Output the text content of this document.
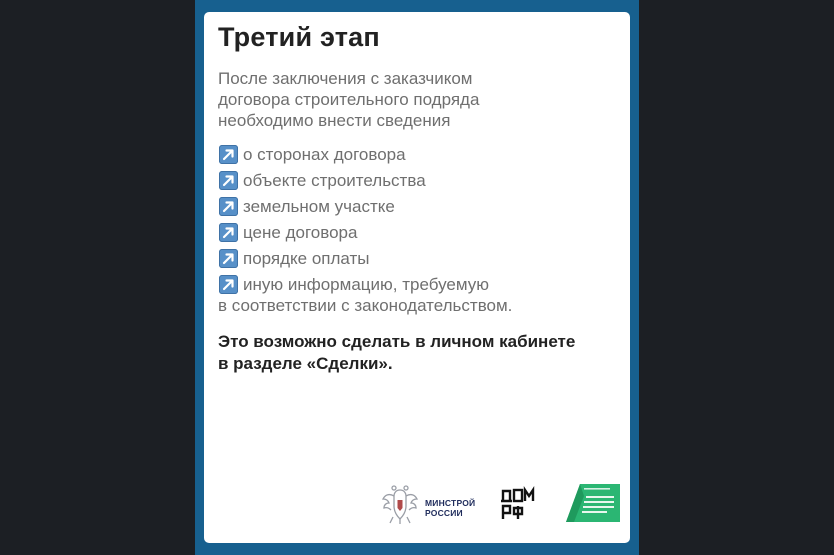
Третий этап

После заключения с заказчиком
договора строительного подряда
необходимо внести сведения

о сторонах договора
объекте строительства
земельном участке
цене договора
порядке оплаты
иную информацию, требуемую
в соответствии с законодательством.

Это возможно сделать в личном кабинете
в разделе «Сделки».

МИНСТРОЙ
РОССИИ
